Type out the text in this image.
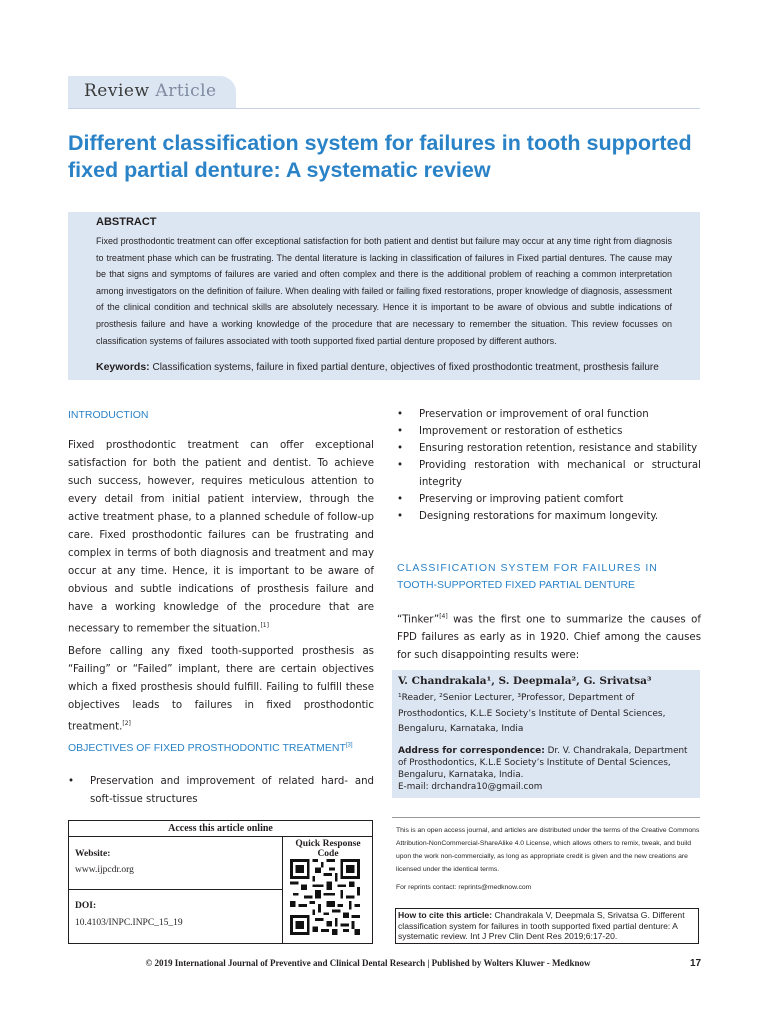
Review Article
Different classification system for failures in tooth supported fixed partial denture: A systematic review
ABSTRACT
Fixed prosthodontic treatment can offer exceptional satisfaction for both patient and dentist but failure may occur at any time right from diagnosis to treatment phase which can be frustrating. The dental literature is lacking in classification of failures in Fixed partial dentures. The cause may be that signs and symptoms of failures are varied and often complex and there is the additional problem of reaching a common interpretation among investigators on the definition of failure. When dealing with failed or failing fixed restorations, proper knowledge of diagnosis, assessment of the clinical condition and technical skills are absolutely necessary. Hence it is important to be aware of obvious and subtle indications of prosthesis failure and have a working knowledge of the procedure that are necessary to remember the situation. This review focusses on classification systems of failures associated with tooth supported fixed partial denture proposed by different authors.
Keywords: Classification systems, failure in fixed partial denture, objectives of fixed prosthodontic treatment, prosthesis failure
INTRODUCTION
Fixed prosthodontic treatment can offer exceptional satisfaction for both the patient and dentist. To achieve such success, however, requires meticulous attention to every detail from initial patient interview, through the active treatment phase, to a planned schedule of follow-up care. Fixed prosthodontic failures can be frustrating and complex in terms of both diagnosis and treatment and may occur at any time. Hence, it is important to be aware of obvious and subtle indications of prosthesis failure and have a working knowledge of the procedure that are necessary to remember the situation.[1]
Before calling any fixed tooth-supported prosthesis as “Failing” or “Failed” implant, there are certain objectives which a fixed prosthesis should fulfill. Failing to fulfill these objectives leads to failures in fixed prosthodontic treatment.[2]
OBJECTIVES OF FIXED PROSTHODONTIC TREATMENT[3]
• Preservation and improvement of related hard- and soft-tissue structures
• Preservation or improvement of oral function
• Improvement or restoration of esthetics
• Ensuring restoration retention, resistance and stability
• Providing restoration with mechanical or structural integrity
• Preserving or improving patient comfort
• Designing restorations for maximum longevity.
CLASSIFICATION SYSTEM FOR FAILURES IN
TOOTH-SUPPORTED FIXED PARTIAL DENTURE
“Tinker”[4] was the first one to summarize the causes of FPD failures as early as in 1920. Chief among the causes for such disappointing results were:
V. Chandrakala¹, S. Deepmala², G. Srivatsa³
¹Reader, ²Senior Lecturer, ³Professor, Department of Prosthodontics, K.L.E Society’s Institute of Dental Sciences, Bengaluru, Karnataka, India
Address for correspondence: Dr. V. Chandrakala, Department of Prosthodontics, K.L.E Society’s Institute of Dental Sciences, Bengaluru, Karnataka, India.
E-mail: drchandra10@gmail.com
This is an open access journal, and articles are distributed under the terms of the Creative Commons Attribution-NonCommercial-ShareAlike 4.0 License, which allows others to remix, tweak, and build upon the work non-commercially, as long as appropriate credit is given and the new creations are licensed under the identical terms.
For reprints contact: reprints@medknow.com
How to cite this article: Chandrakala V, Deepmala S, Srivatsa G. Different classification system for failures in tooth supported fixed partial denture: A systematic review. Int J Prev Clin Dent Res 2019;6:17-20.
Access this article online
Quick Response Code
Website:
www.ijpcdr.org
DOI:
10.4103/INPC.INPC_15_19
© 2019 International Journal of Preventive and Clinical Dental Research | Published by Wolters Kluwer - Medknow	17
